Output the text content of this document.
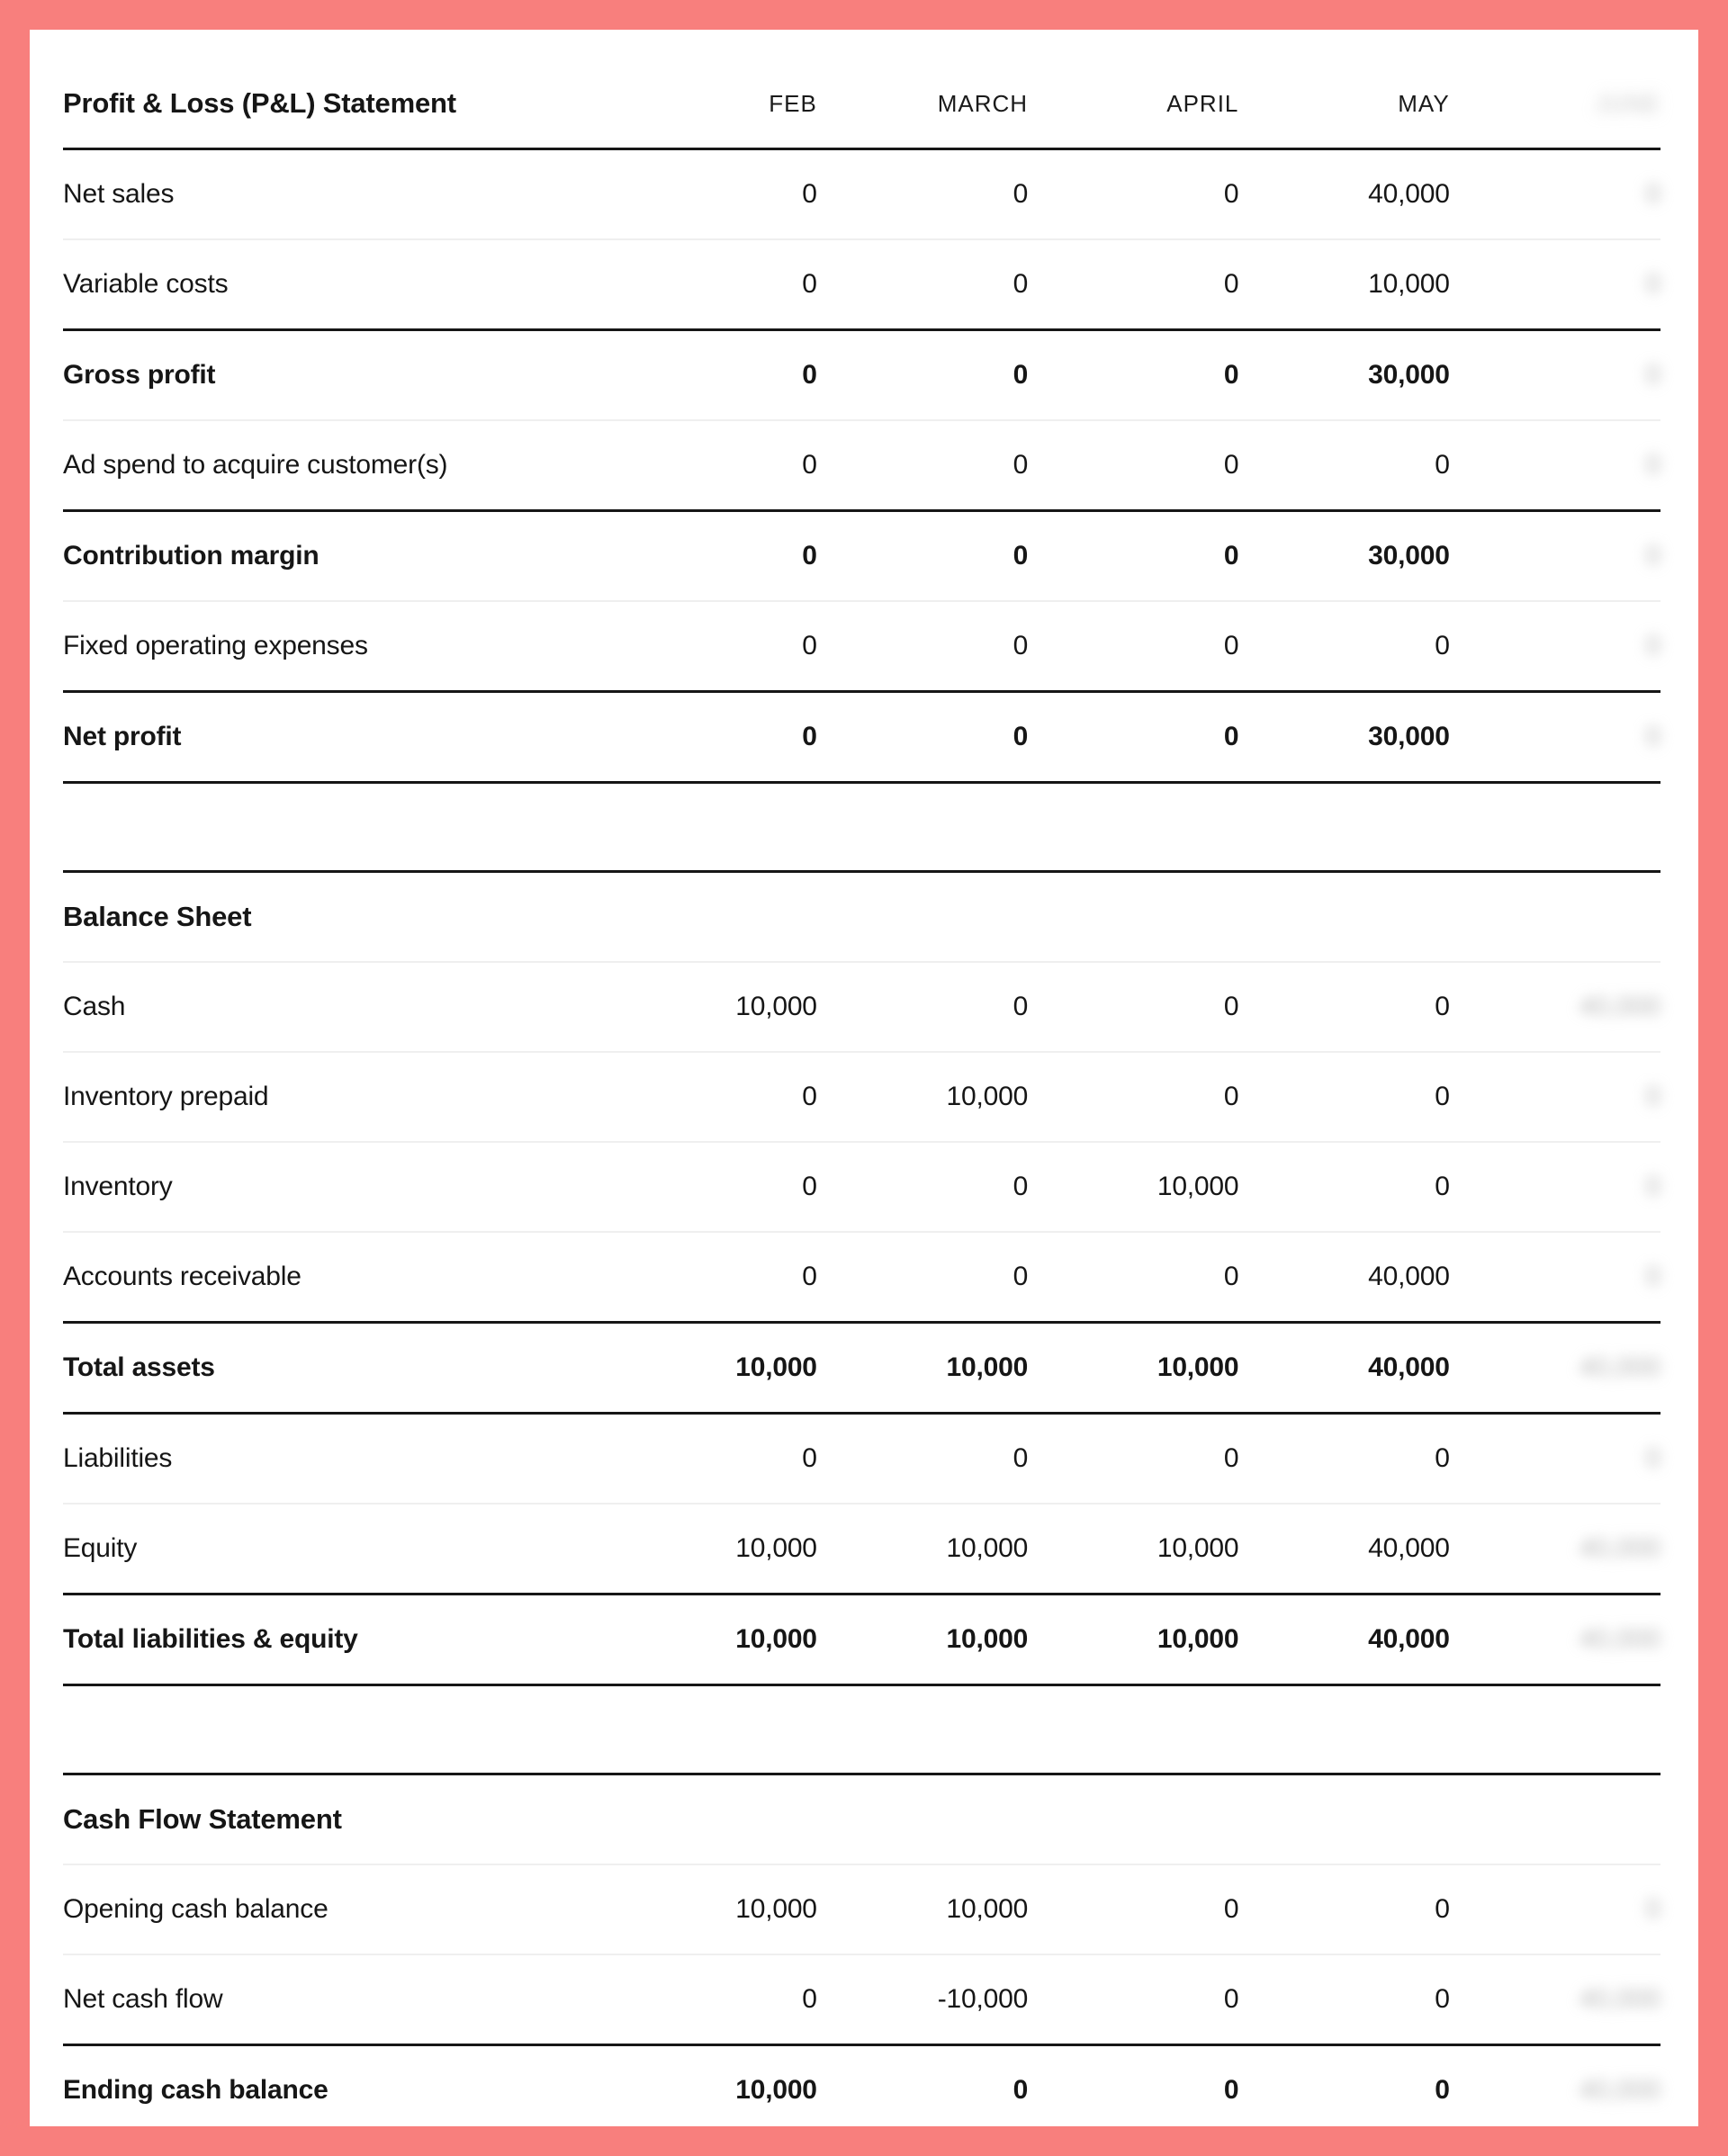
Profit & Loss (P&L) Statement	FEB	MARCH	APRIL	MAY	JUNE
Net sales	0	0	0	40,000	0
Variable costs	0	0	0	10,000	0
Gross profit	0	0	0	30,000	0
Ad spend to acquire customer(s)	0	0	0	0	0
Contribution margin	0	0	0	30,000	0
Fixed operating expenses	0	0	0	0	0
Net profit	0	0	0	30,000	0
Balance Sheet					
Cash	10,000	0	0	0	40,000
Inventory prepaid	0	10,000	0	0	0
Inventory	0	0	10,000	0	0
Accounts receivable	0	0	0	40,000	0
Total assets	10,000	10,000	10,000	40,000	40,000
Liabilities	0	0	0	0	0
Equity	10,000	10,000	10,000	40,000	40,000
Total liabilities & equity	10,000	10,000	10,000	40,000	40,000
Cash Flow Statement					
Opening cash balance	10,000	10,000	0	0	0
Net cash flow	0	-10,000	0	0	40,000
Ending cash balance	10,000	0	0	0	40,000
